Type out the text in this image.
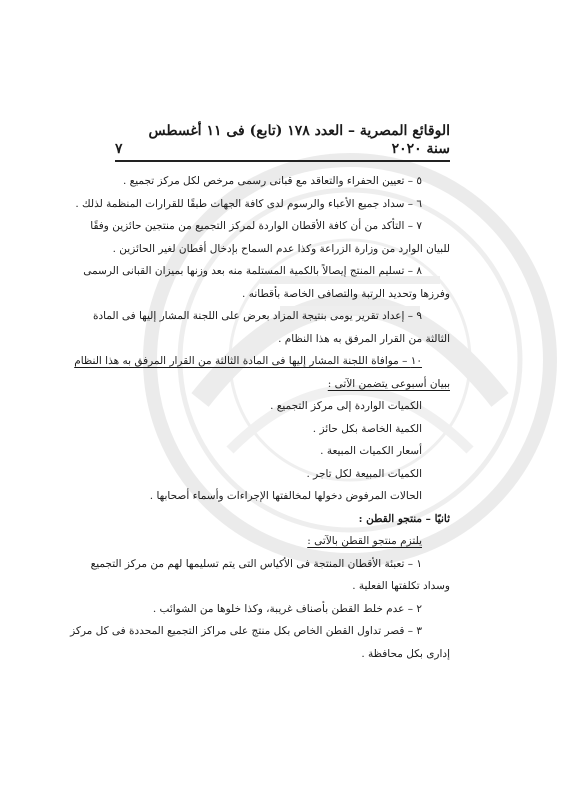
الوقائع المصرية – العدد ١٧٨ (تابع) فى ١١ أغسطس سنة ٢٠٢٠
٧
٥ – تعيين الحفراء والتعاقد مع قبانى رسمى مرخص لكل مركز تجميع .
٦ – سداد جميع الأعباء والرسوم لدى كافة الجهات طبقًا للقرارات المنظمة لذلك .
٧ – التأكد من أن كافة الأقطان الواردة لمركز التجميع من منتجين حائزين وفقًا
للبيان الوارد من وزارة الزراعة وكذا عدم السماح بإدخال أقطان لغير الحائزين .
٨ – تسليم المنتج إيصالاً بالكمية المستلمة منه بعد وزنها بميزان القبانى الرسمى
وفرزها وتحديد الرتبة والتصافى الخاصة بأقطانه .
٩ – إعداد تقرير يومى بنتيجة المزاد بعرض على اللجنة المشار إليها فى المادة
الثالثة من القرار المرفق به هذا النظام .
١٠ – موافاة اللجنة المشار إليها فى المادة الثالثة من القرار المرفق به هذا النظام
ببيان أسبوعى يتضمن الآتى :
الكميات الواردة إلى مركز التجميع .
الكمية الخاصة بكل حائز .
أسعار الكميات المبيعة .
الكميات المبيعة لكل تاجر .
الحالات المرفوض دخولها لمخالفتها الإجراءات وأسماء أصحابها .
ثانيًا – منتجو القطن :
يلتزم منتجو القطن بالآتى :
١ – تعبئة الأقطان المنتجة فى الأكياس التى يتم تسليمها لهم من مركز التجميع
وسداد تكلفتها الفعلية .
٢ – عدم خلط القطن بأصناف غريبة، وكذا خلوها من الشوائب .
٣ – قصر تداول القطن الخاص بكل منتج على مراكز التجميع المحددة فى كل مركز
إدارى بكل محافظة .
